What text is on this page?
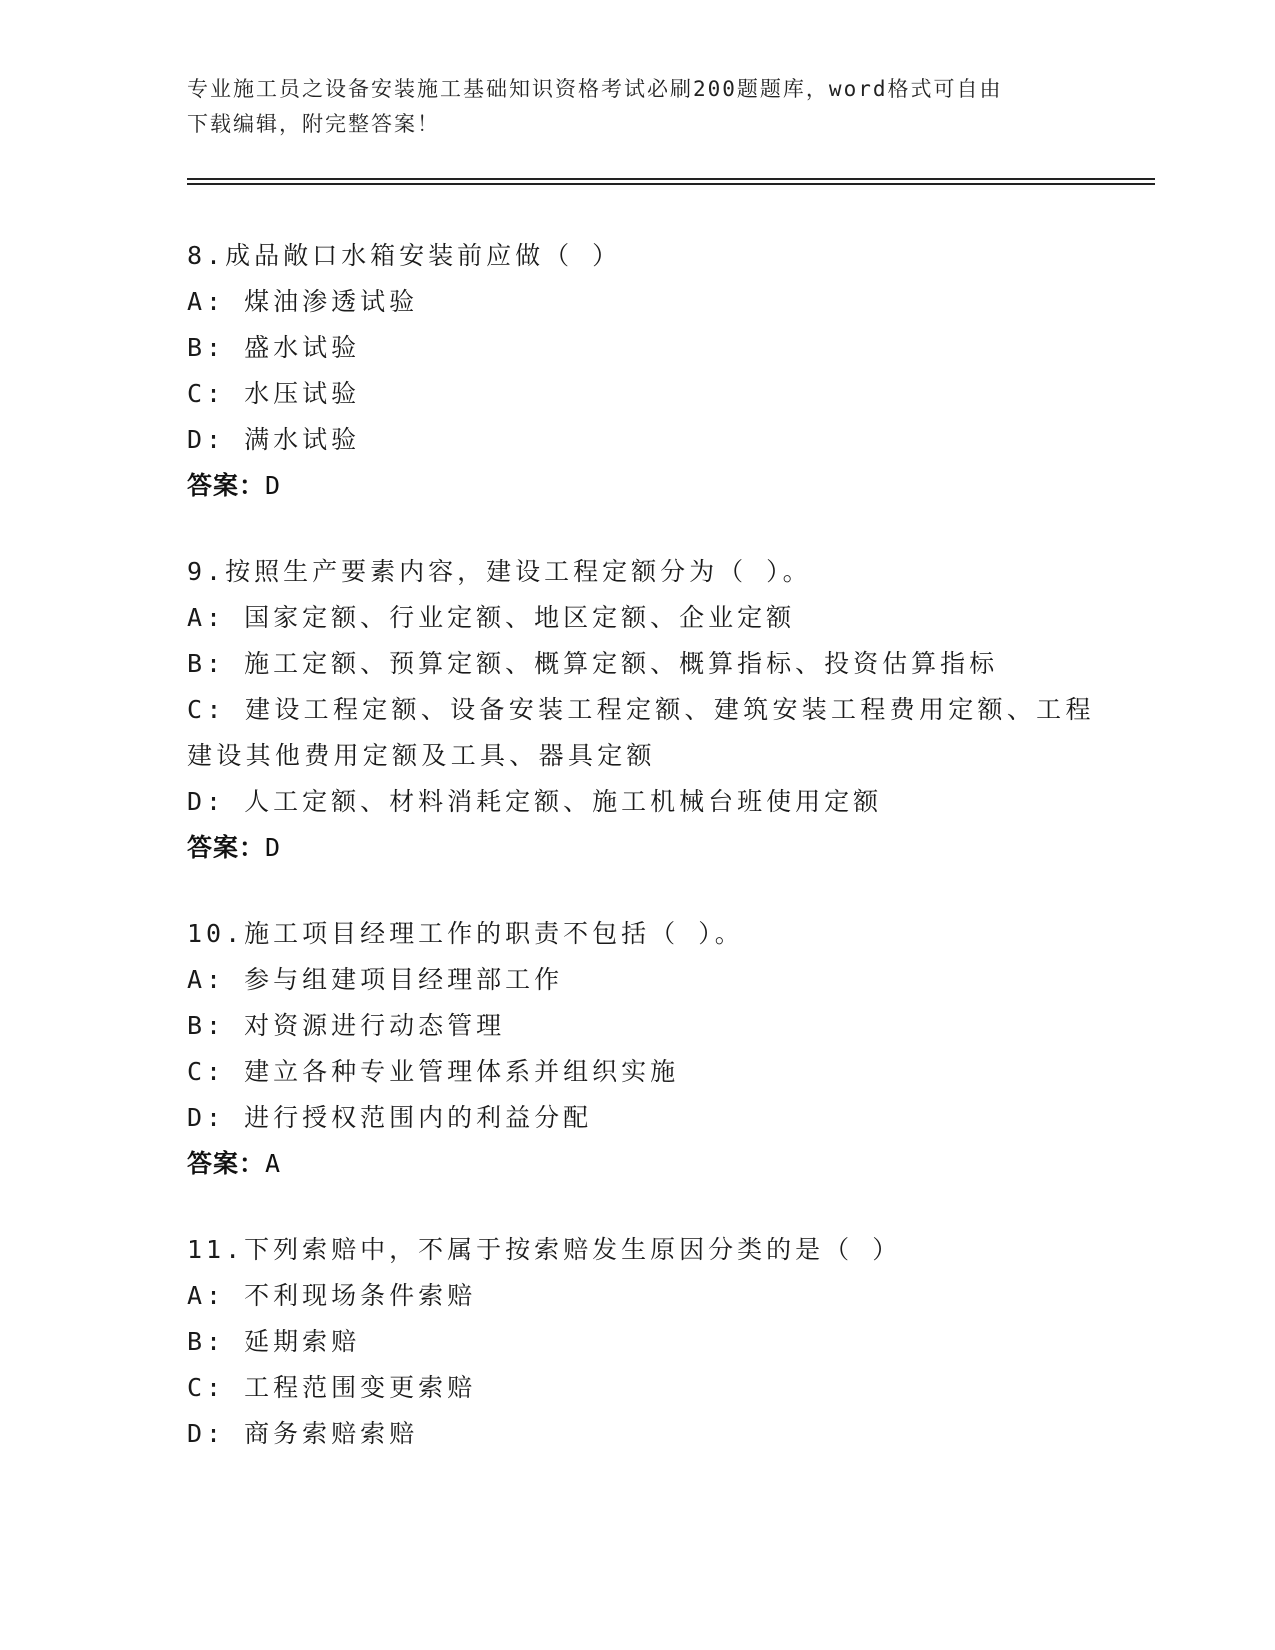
专业施工员之设备安装施工基础知识资格考试必刷200题题库，word格式可自由
下载编辑，附完整答案！
8.成品敞口水箱安装前应做（ ）
A: 煤油渗透试验
B: 盛水试验
C: 水压试验
D: 满水试验
答案：D
9.按照生产要素内容，建设工程定额分为（ ）。
A: 国家定额、行业定额、地区定额、企业定额
B: 施工定额、预算定额、概算定额、概算指标、投资估算指标
C: 建设工程定额、设备安装工程定额、建筑安装工程费用定额、工程建设其他费用定额及工具、器具定额
D: 人工定额、材料消耗定额、施工机械台班使用定额
答案：D
10.施工项目经理工作的职责不包括（ ）。
A: 参与组建项目经理部工作
B: 对资源进行动态管理
C: 建立各种专业管理体系并组织实施
D: 进行授权范围内的利益分配
答案：A
11.下列索赔中，不属于按索赔发生原因分类的是（ ）
A: 不利现场条件索赔
B: 延期索赔
C: 工程范围变更索赔
D: 商务索赔索赔
